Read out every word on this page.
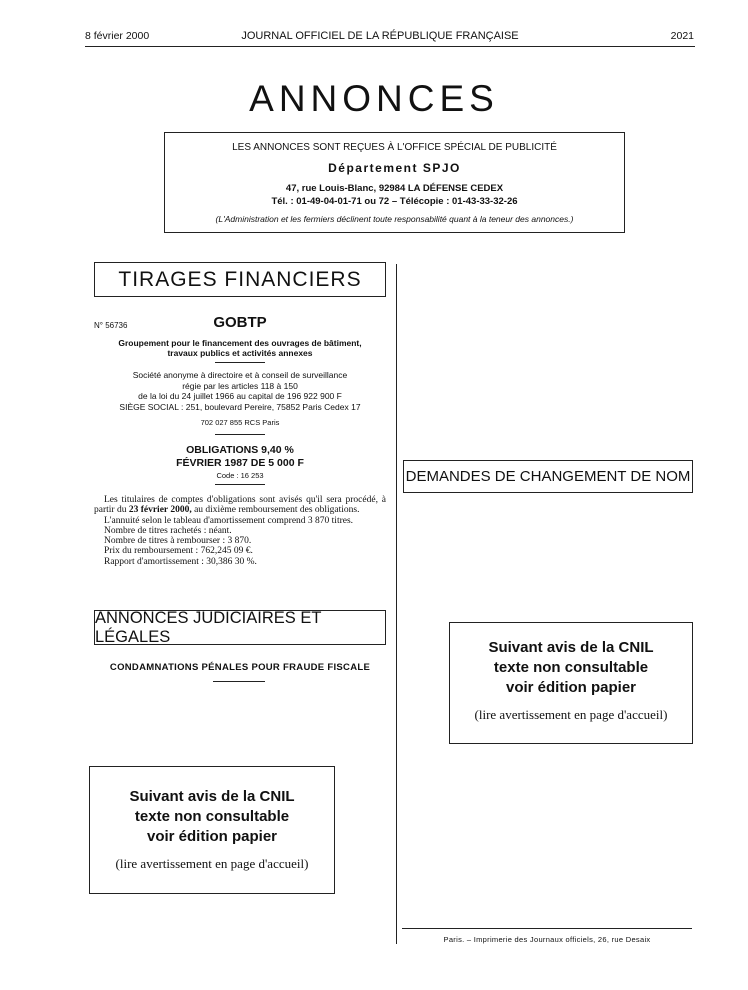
8 février 2000	JOURNAL OFFICIEL DE LA RÉPUBLIQUE FRANÇAISE	2021
ANNONCES
LES ANNONCES SONT REÇUES À L'OFFICE SPÉCIAL DE PUBLICITÉ
Département SPJO
47, rue Louis-Blanc, 92984 LA DÉFENSE CEDEX
Tél. : 01-49-04-01-71 ou 72 – Télécopie : 01-43-33-32-26
(L'Administration et les fermiers déclinent toute responsabilité quant à la teneur des annonces.)
TIRAGES FINANCIERS
N° 56736	GOBTP
Groupement pour le financement des ouvrages de bâtiment,
travaux publics et activités annexes
Société anonyme à directoire et à conseil de surveillance
régie par les articles 118 à 150
de la loi du 24 juillet 1966 au capital de 196 922 900 F
SIÈGE SOCIAL : 251, boulevard Pereire, 75852 Paris Cedex 17
702 027 855 RCS Paris
OBLIGATIONS 9,40 %
FÉVRIER 1987 DE 5 000 F
Code : 16 253

Les titulaires de comptes d'obligations sont avisés qu'il sera procédé, à partir du 23 février 2000, au dixième remboursement des obligations.

L'annuité selon le tableau d'amortissement comprend 3 870 titres.

Nombre de titres rachetés : néant.

Nombre de titres à rembourser : 3 870.

Prix du remboursement : 762,245 09 €.

Rapport d'amortissement : 30,386 30 %.

ANNONCES JUDICIAIRES ET LÉGALES
CONDAMNATIONS PÉNALES POUR FRAUDE FISCALE
DEMANDES DE CHANGEMENT DE NOM
Suivant avis de la CNIL
texte non consultable
voir édition papier
(lire avertissement en page d'accueil)
Suivant avis de la CNIL
texte non consultable
voir édition papier
(lire avertissement en page d'accueil)
Paris. – Imprimerie des Journaux officiels, 26, rue Desaix
